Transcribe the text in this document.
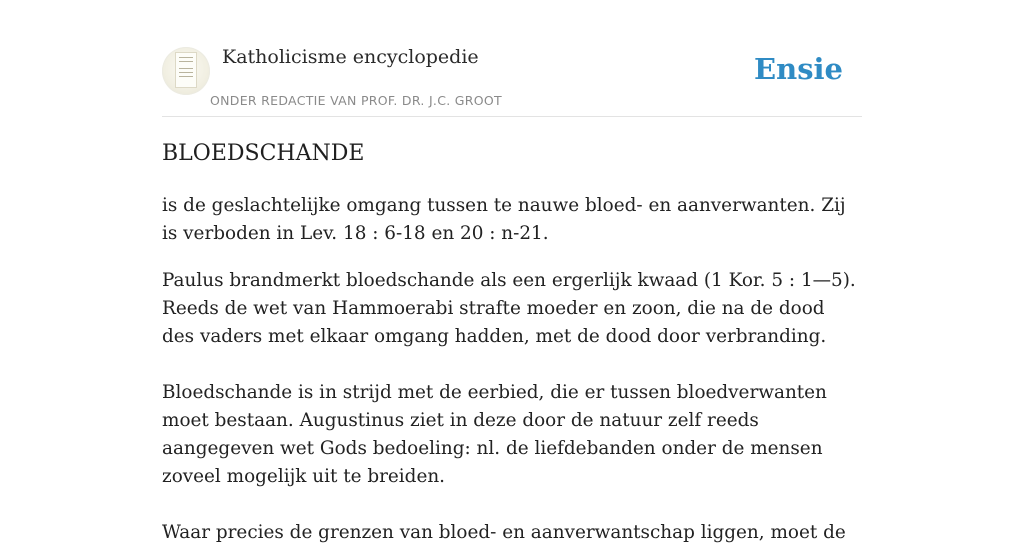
Katholicisme encyclopedie
ONDER REDACTIE VAN PROF. DR. J.C. GROOT
Ensie
BLOEDSCHANDE

is de geslachtelijke omgang tussen te nauwe bloed- en aanverwanten. Zij is verboden in Lev. 18 : 6-18 en 20 : n-21.

Paulus brandmerkt bloedschande als een ergerlijk kwaad (1 Kor. 5 : 1—5). Reeds de wet van Hammoerabi strafte moeder en zoon, die na de dood des vaders met elkaar omgang hadden, met de dood door verbranding.

Bloedschande is in strijd met de eerbied, die er tussen bloedverwanten moet bestaan. Augustinus ziet in deze door de natuur zelf reeds aangegeven wet Gods bedoeling: nl. de liefdebanden onder de mensen zoveel mogelijk uit te breiden.

Waar precies de grenzen van bloed- en aanverwantschap liggen, moet de
